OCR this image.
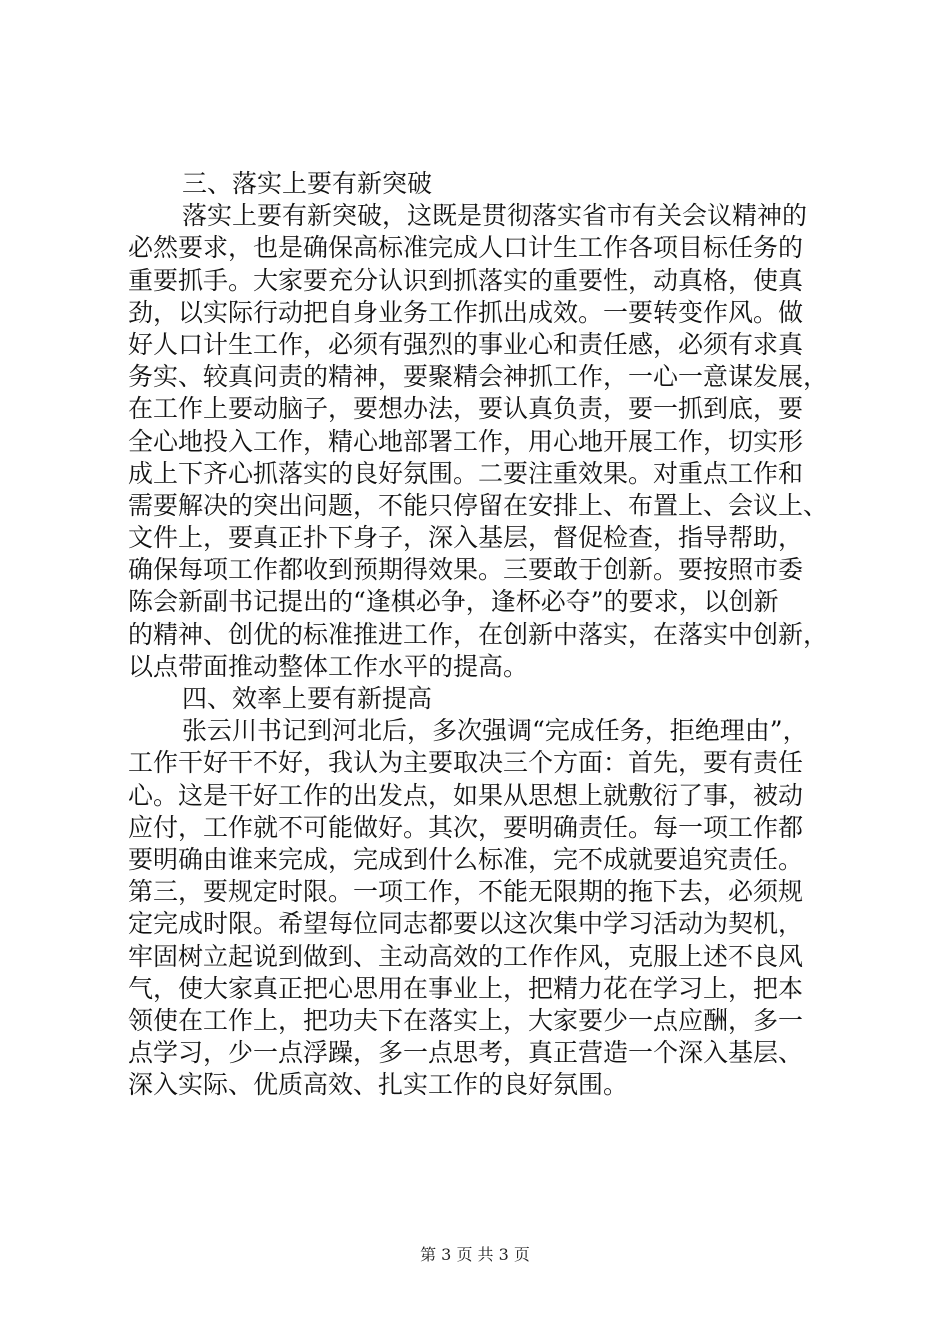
三、落实上要有新突破
落实上要有新突破，这既是贯彻落实省市有关会议精神的
必然要求，也是确保高标准完成人口计生工作各项目标任务的
重要抓手。大家要充分认识到抓落实的重要性，动真格，使真
劲，以实际行动把自身业务工作抓出成效。一要转变作风。做
好人口计生工作，必须有强烈的事业心和责任感，必须有求真
务实、较真问责的精神，要聚精会神抓工作，一心一意谋发展，
在工作上要动脑子，要想办法，要认真负责，要一抓到底，要
全心地投入工作，精心地部署工作，用心地开展工作，切实形
成上下齐心抓落实的良好氛围。二要注重效果。对重点工作和
需要解决的突出问题，不能只停留在安排上、布置上、会议上、
文件上，要真正扑下身子，深入基层，督促检查，指导帮助，
确保每项工作都收到预期得效果。三要敢于创新。要按照市委
陈会新副书记提出的“逢棋必争，逢杯必夺”的要求，以创新
的精神、创优的标准推进工作，在创新中落实，在落实中创新，
以点带面推动整体工作水平的提高。
四、效率上要有新提高
张云川书记到河北后，多次强调“完成任务，拒绝理由”，
工作干好干不好，我认为主要取决三个方面：首先，要有责任
心。这是干好工作的出发点，如果从思想上就敷衍了事，被动
应付，工作就不可能做好。其次，要明确责任。每一项工作都
要明确由谁来完成，完成到什么标准，完不成就要追究责任。
第三，要规定时限。一项工作，不能无限期的拖下去，必须规
定完成时限。希望每位同志都要以这次集中学习活动为契机，
牢固树立起说到做到、主动高效的工作作风，克服上述不良风
气，使大家真正把心思用在事业上，把精力花在学习上，把本
领使在工作上，把功夫下在落实上，大家要少一点应酬，多一
点学习，少一点浮躁，多一点思考，真正营造一个深入基层、
深入实际、优质高效、扎实工作的良好氛围。
第 3 页 共 3 页
